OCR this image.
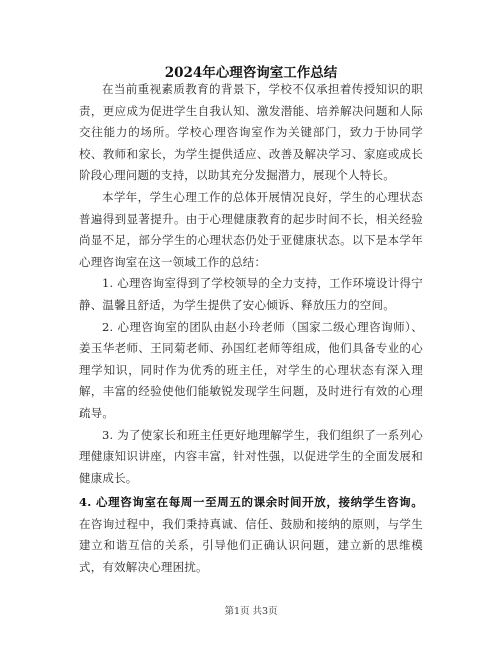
2024年心理咨询室工作总结

在当前重视素质教育的背景下，学校不仅承担着传授知识的职责，更应成为促进学生自我认知、激发潜能、培养解决问题和人际交往能力的场所。学校心理咨询室作为关键部门，致力于协同学校、教师和家长，为学生提供适应、改善及解决学习、家庭或成长阶段心理问题的支持，以助其充分发掘潜力，展现个人特长。

本学年，学生心理工作的总体开展情况良好，学生的心理状态普遍得到显著提升。由于心理健康教育的起步时间不长，相关经验尚显不足，部分学生的心理状态仍处于亚健康状态。以下是本学年心理咨询室在这一领域工作的总结：

1. 心理咨询室得到了学校领导的全力支持，工作环境设计得宁静、温馨且舒适，为学生提供了安心倾诉、释放压力的空间。

2. 心理咨询室的团队由赵小玲老师（国家二级心理咨询师）、姜玉华老师、王同菊老师、孙国红老师等组成，他们具备专业的心理学知识，同时作为优秀的班主任，对学生的心理状态有深入理解，丰富的经验使他们能敏锐发现学生问题，及时进行有效的心理疏导。

3. 为了使家长和班主任更好地理解学生，我们组织了一系列心理健康知识讲座，内容丰富，针对性强，以促进学生的全面发展和健康成长。

4. 心理咨询室在每周一至周五的课余时间开放，接纳学生咨询。在咨询过程中，我们秉持真诚、信任、鼓励和接纳的原则，与学生建立和谐互信的关系，引导他们正确认识问题，建立新的思维模式，有效解决心理困扰。

第1页 共3页
